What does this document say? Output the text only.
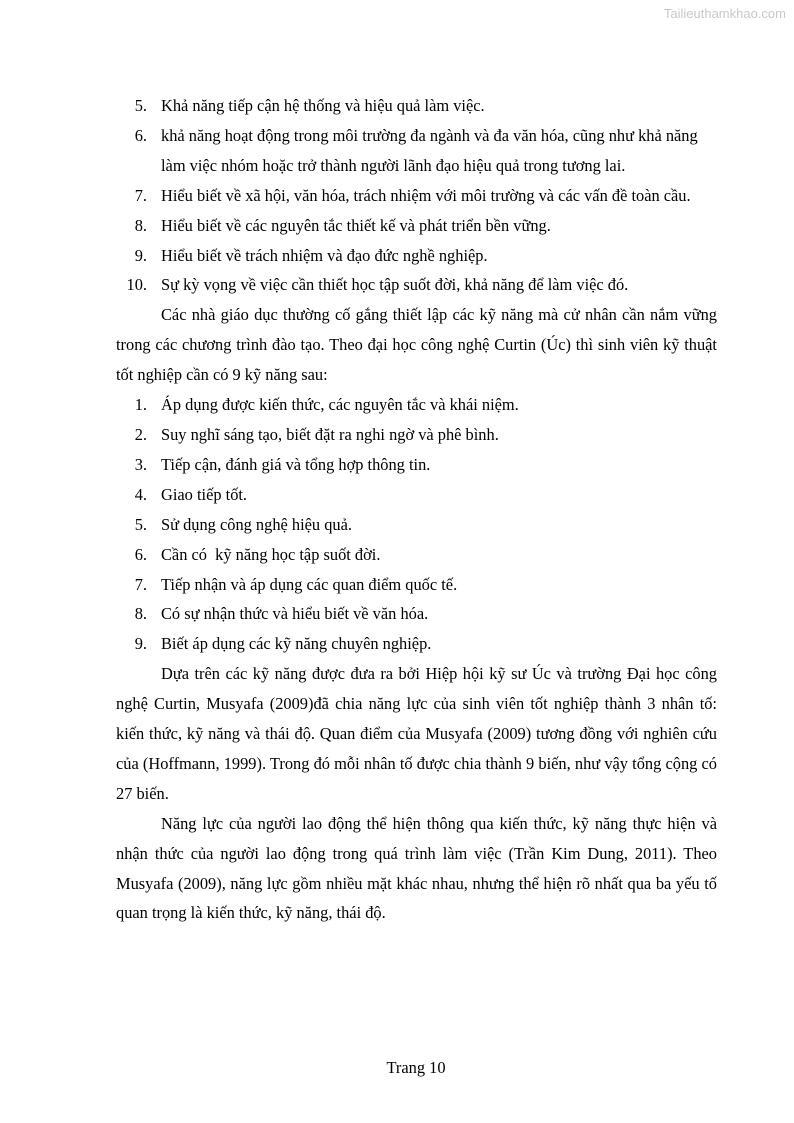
Tailieuthamkhao.com
5. Khả năng tiếp cận hệ thống và hiệu quả làm việc.
6. khả năng hoạt động trong môi trường đa ngành và đa văn hóa, cũng như khả năng làm việc nhóm hoặc trở thành người lãnh đạo hiệu quả trong tương lai.
7. Hiểu biết về xã hội, văn hóa, trách nhiệm với môi trường và các vấn đề toàn cầu.
8. Hiểu biết về các nguyên tắc thiết kế và phát triển bền vững.
9. Hiểu biết về trách nhiệm và đạo đức nghề nghiệp.
10. Sự kỳ vọng về việc cần thiết học tập suốt đời, khả năng để làm việc đó.

Các nhà giáo dục thường cố gắng thiết lập các kỹ năng mà cử nhân cần nắm vững trong các chương trình đào tạo. Theo đại học công nghệ Curtin (Úc) thì sinh viên kỹ thuật tốt nghiệp cần có 9 kỹ năng sau:

1. Áp dụng được kiến thức, các nguyên tắc và khái niệm.
2. Suy nghĩ sáng tạo, biết đặt ra nghi ngờ và phê bình.
3. Tiếp cận, đánh giá và tổng hợp thông tin.
4. Giao tiếp tốt.
5. Sử dụng công nghệ hiệu quả.
6. Cần có  kỹ năng học tập suốt đời.
7. Tiếp nhận và áp dụng các quan điểm quốc tế.
8. Có sự nhận thức và hiểu biết về văn hóa.
9. Biết áp dụng các kỹ năng chuyên nghiệp.

Dựa trên các kỹ năng được đưa ra bởi Hiệp hội kỹ sư Úc và trường Đại học công nghệ Curtin, Musyafa (2009)đã chia năng lực của sinh viên tốt nghiệp thành 3 nhân tố: kiến thức, kỹ năng và thái độ. Quan điểm của Musyafa (2009) tương đồng với nghiên cứu của (Hoffmann, 1999). Trong đó mỗi nhân tố được chia thành 9 biến, như vậy tổng cộng có 27 biến.

Năng lực của người lao động thể hiện thông qua kiến thức, kỹ năng thực hiện và nhận thức của người lao động trong quá trình làm việc (Trần Kim Dung, 2011). Theo Musyafa (2009), năng lực gồm nhiều mặt khác nhau, nhưng thể hiện rõ nhất qua ba yếu tố quan trọng là kiến thức, kỹ năng, thái độ.

Trang 10
